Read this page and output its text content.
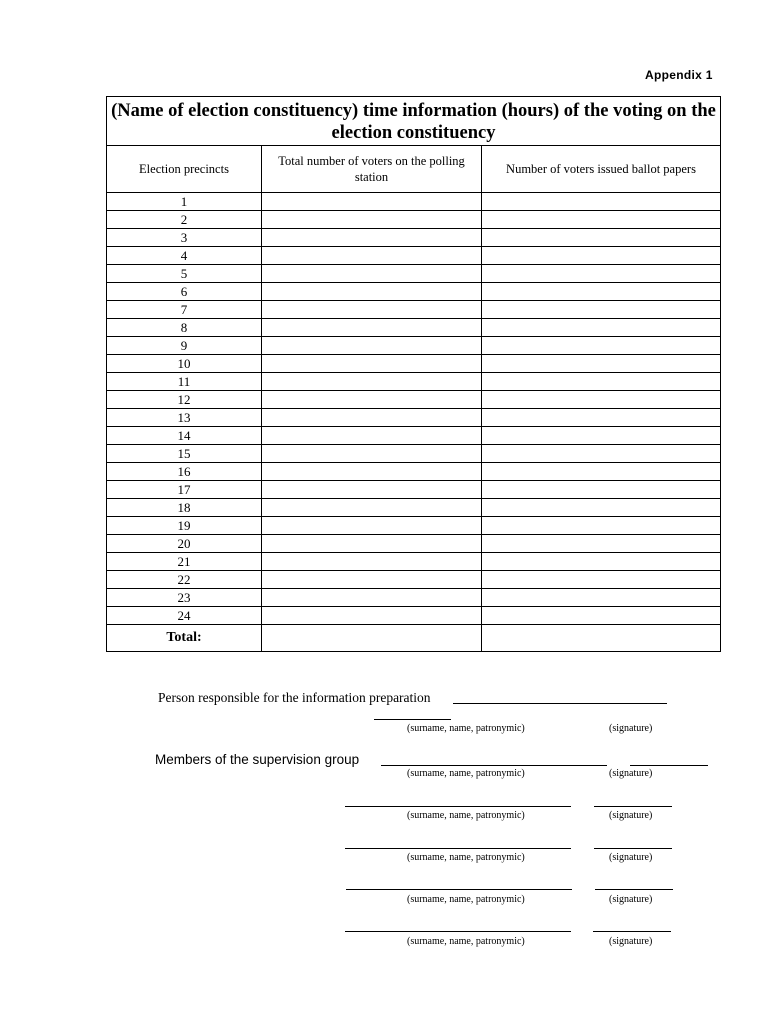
Appendix 1
(Name of election constituency) time information (hours) of the voting on the election constituency		
Election precincts	Total number of voters on the polling station	Number of voters issued ballot papers
1		
2		
3		
4		
5		
6		
7		
8		
9		
10		
11		
12		
13		
14		
15		
16		
17		
18		
19		
20		
21		
22		
23		
24		
Total:		
Person responsible for the information preparation
(surname, name, patronymic)	(signature)
Members of the supervision group
(surname, name, patronymic)	(signature)
(surname, name, patronymic)	(signature)
(surname, name, patronymic)	(signature)
(surname, name, patronymic)	(signature)
(surname, name, patronymic)	(signature)
